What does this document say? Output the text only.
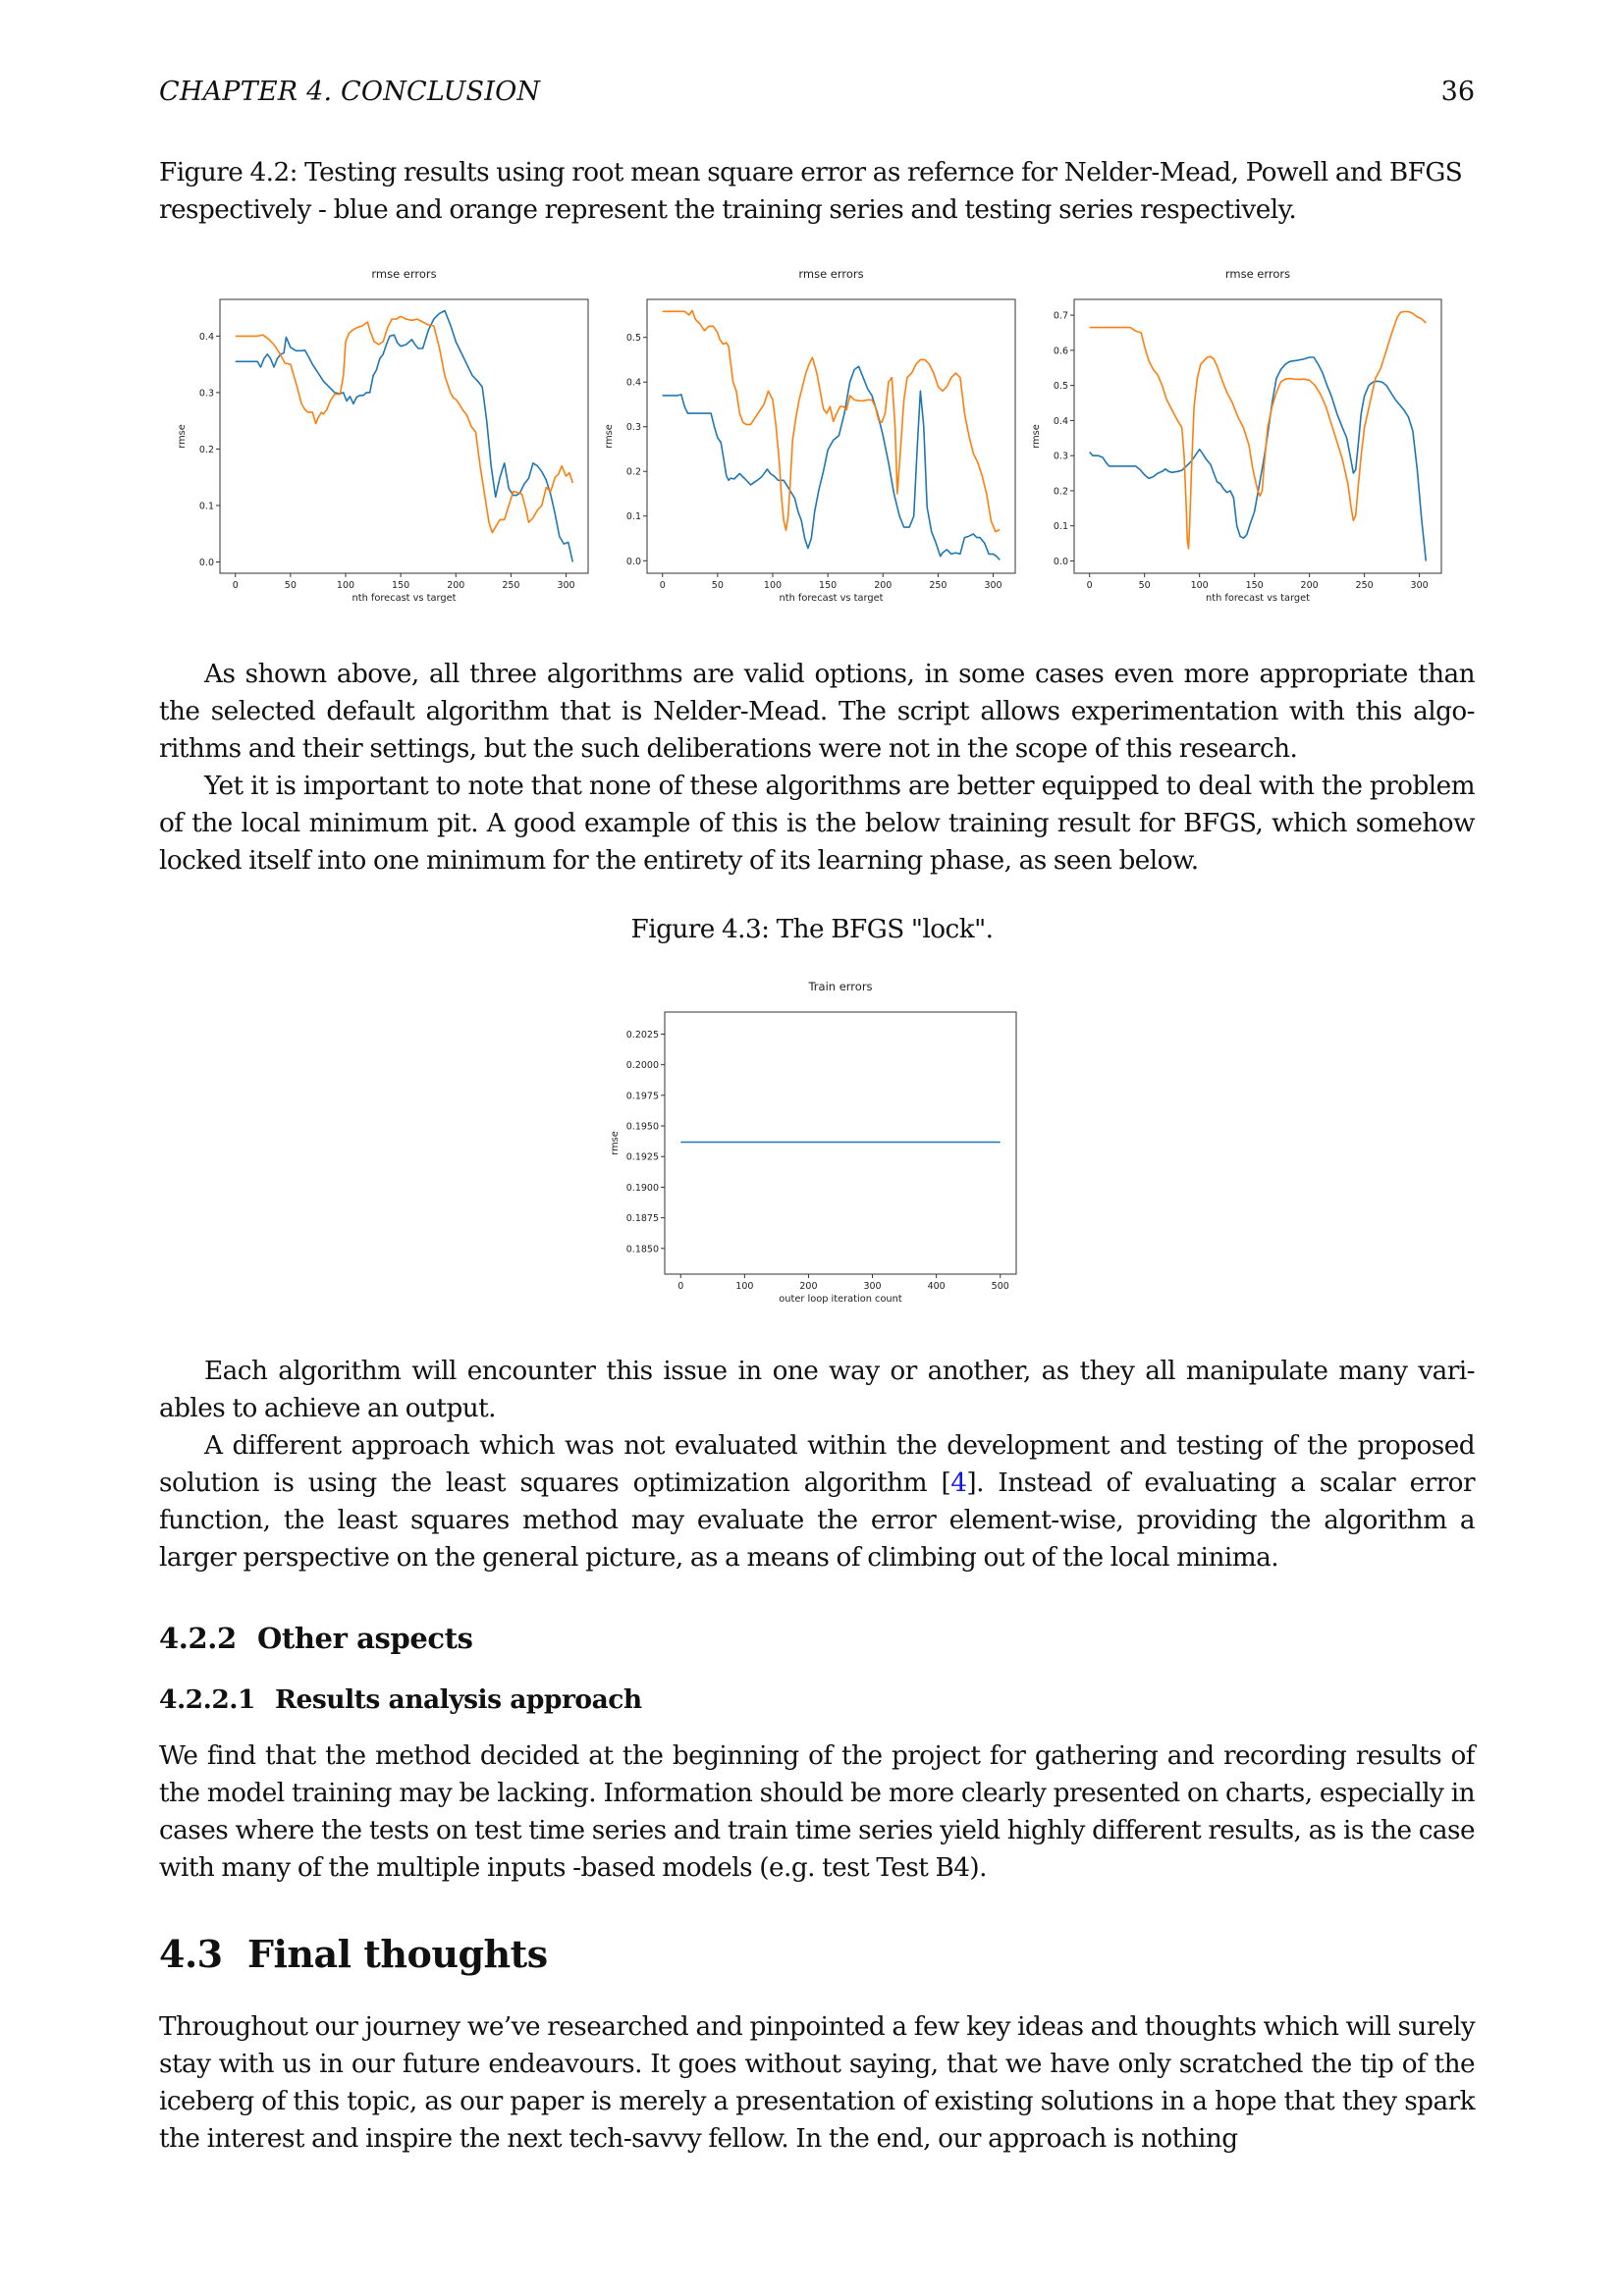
CHAPTER 4. CONCLUSION	36
Figure 4.2: Testing results using root mean square error as refernce for Nelder-Mead, Powell and BFGS
respectively - blue and orange represent the training series and testing series respectively.
rmse errors
0	50	100	150	200	250	300
0.0
0.1
0.2
0.3
0.4
nth forecast vs target
rmse
rmse errors
0	50	100	150	200	250	300
0.0
0.1
0.2
0.3
0.4
0.5
nth forecast vs target
rmse
rmse errors
0	50	100	150	200	250	300
0.0
0.1
0.2
0.3
0.4
0.5
0.6
0.7
nth forecast vs target
rmse

As shown above, all three algorithms are valid options, in some cases even more appropriate than the selected default algorithm that is Nelder-Mead. The script allows experimentation with this algo-rithms and their settings, but the such deliberations were not in the scope of this research.

Yet it is important to note that none of these algorithms are better equipped to deal with the problem of the local minimum pit. A good example of this is the below training result for BFGS, which somehow locked itself into one minimum for the entirety of its learning phase, as seen below.

Figure 4.3: The BFGS "lock".
Train errors
0	100	200	300	400	500
0.1850
0.1875
0.1900
0.1925
0.1950
0.1975
0.2000
0.2025
outer loop iteration count
rmse

Each algorithm will encounter this issue in one way or another, as they all manipulate many vari-ables to achieve an output.

A different approach which was not evaluated within the development and testing of the proposed solution is using the least squares optimization algorithm [4]. Instead of evaluating a scalar error function, the least squares method may evaluate the error element-wise, providing the algorithm a larger perspective on the general picture, as a means of climbing out of the local minima.

4.2.2 Other aspects
4.2.2.1 Results analysis approach

We find that the method decided at the beginning of the project for gathering and recording results of the model training may be lacking. Information should be more clearly presented on charts, especially in cases where the tests on test time series and train time series yield highly different results, as is the case with many of the multiple inputs -based models (e.g. test Test B4).

4.3 Final thoughts

Throughout our journey we’ve researched and pinpointed a few key ideas and thoughts which will surely stay with us in our future endeavours. It goes without saying, that we have only scratched the tip of the iceberg of this topic, as our paper is merely a presentation of existing solutions in a hope that they spark the interest and inspire the next tech-savvy fellow. In the end, our approach is nothing
